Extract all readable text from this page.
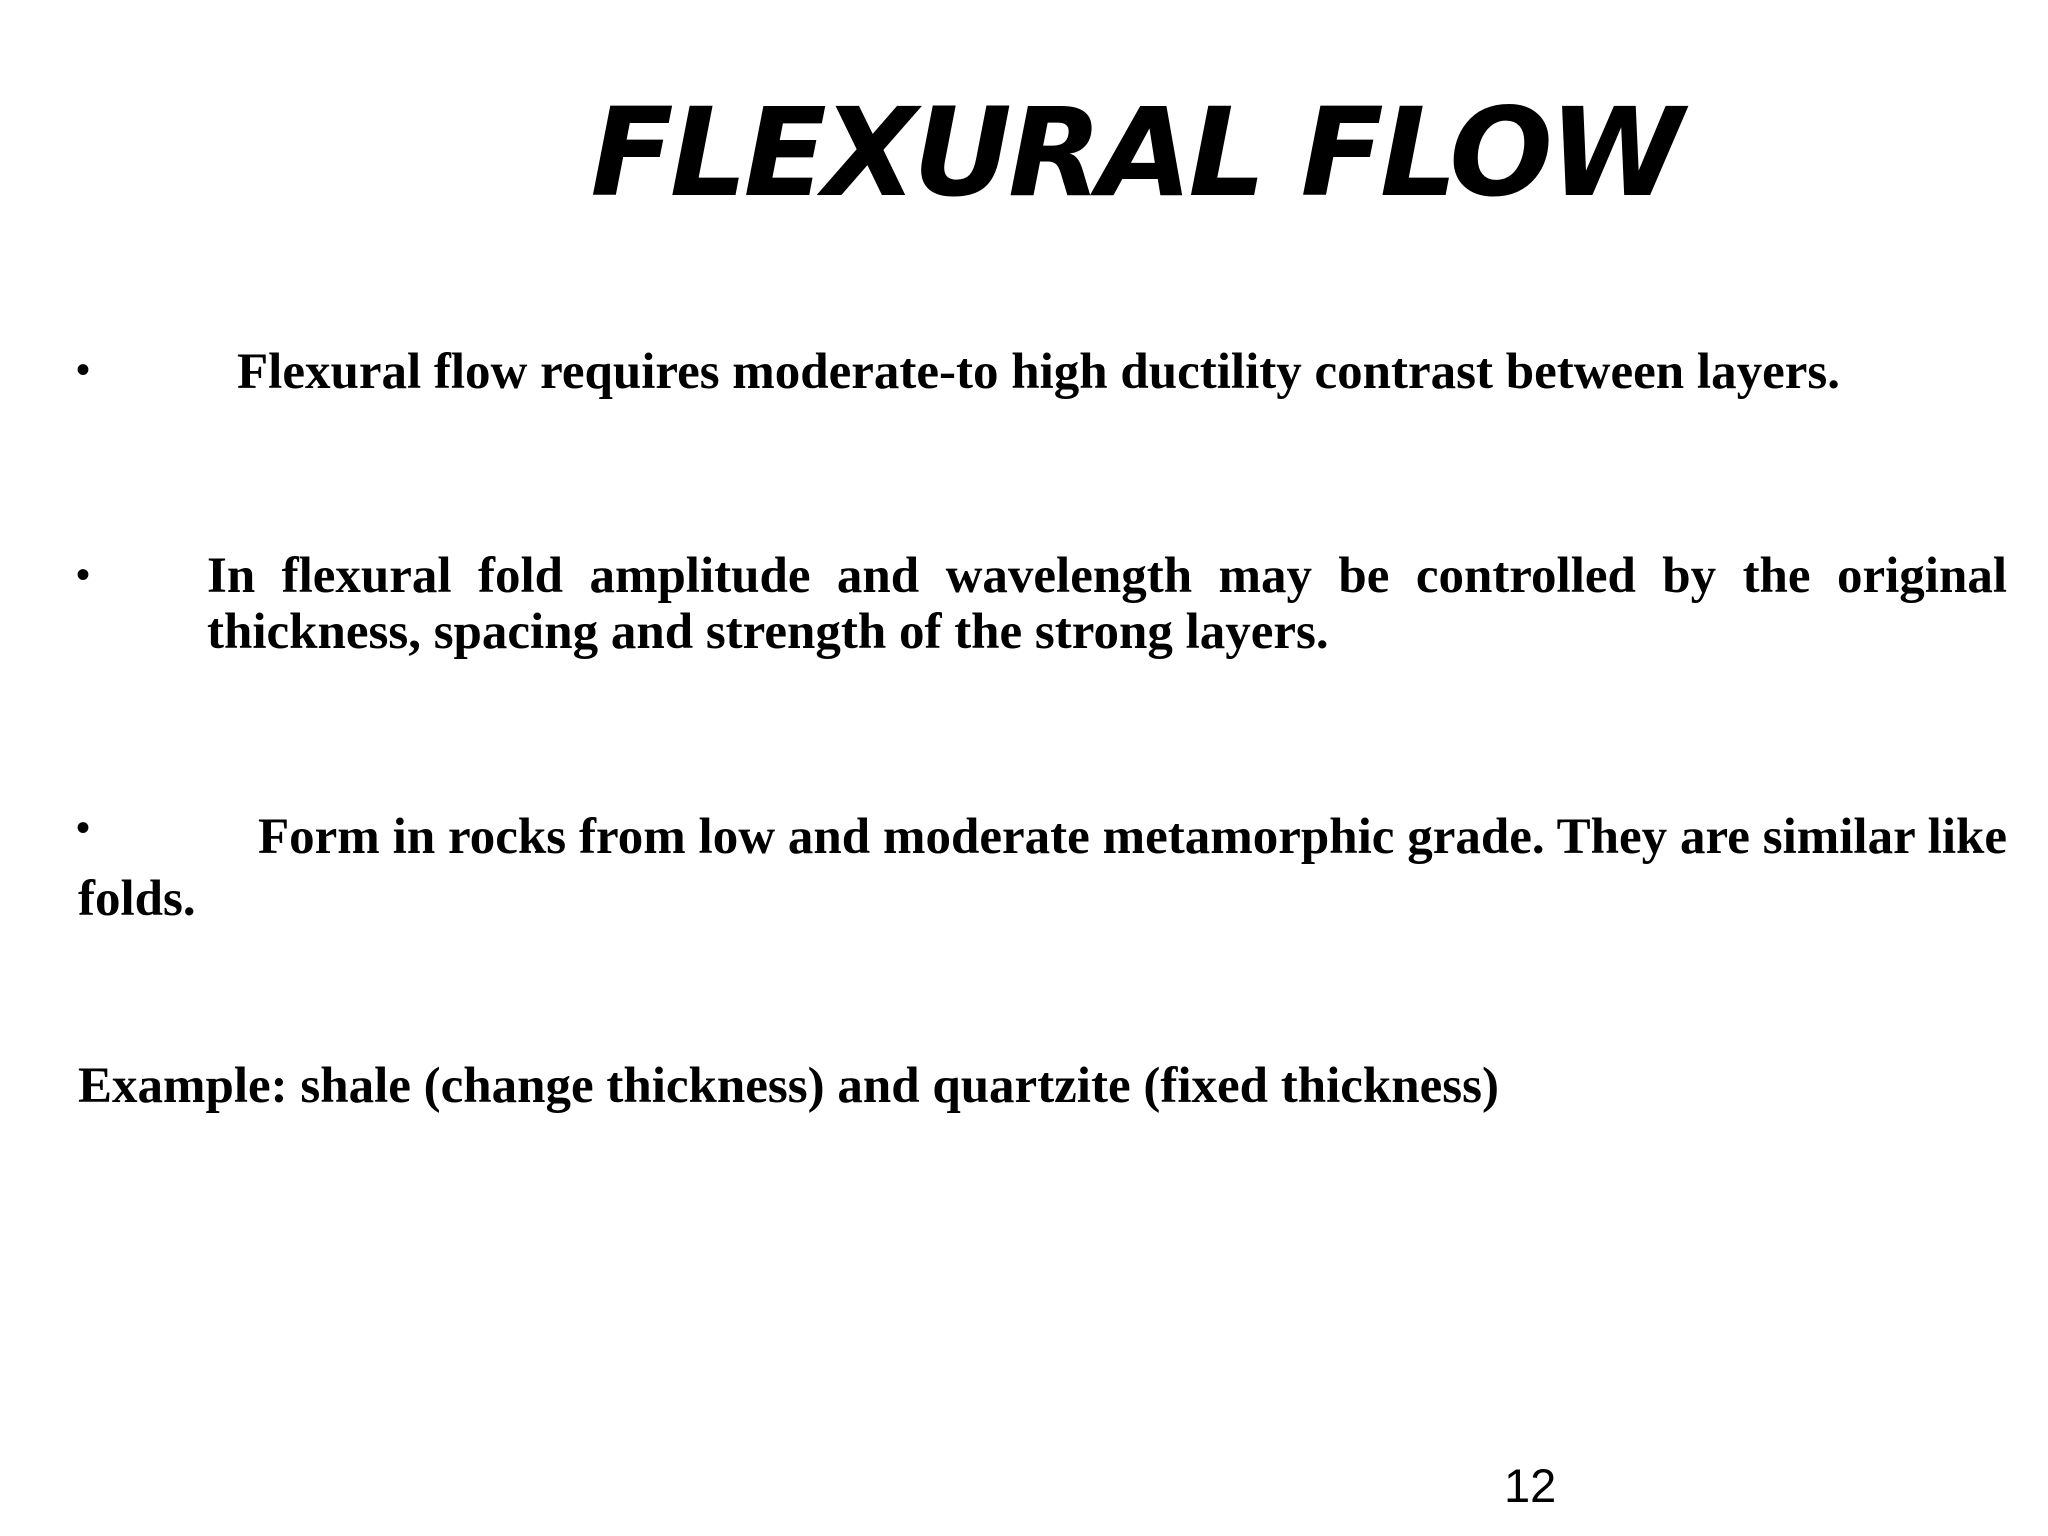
FLEXURAL FLOW
•	Flexural flow requires moderate-to high ductility contrast between layers.
• In flexural fold amplitude and wavelength may be controlled by the original thickness, spacing and strength of the strong layers.
•	Form in rocks from low and moderate metamorphic grade. They are similar like folds.
Example: shale (change thickness) and quartzite (fixed thickness)
12
